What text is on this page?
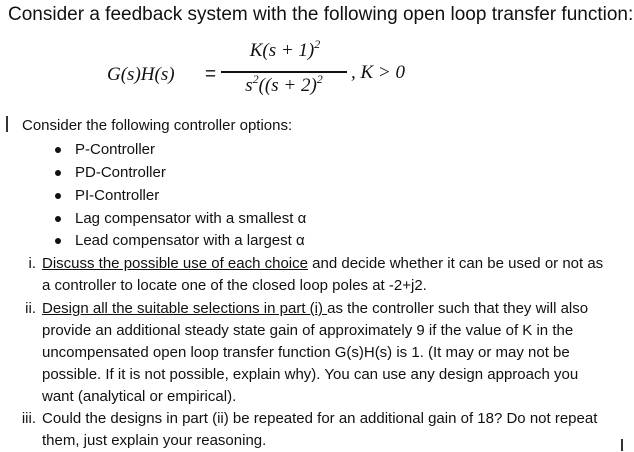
Consider a feedback system with the following open loop transfer function:
G(s)H(s) =
$K(s + 1)^2$
$s^2((s + 2)^2$	, K > 0
Consider the following controller options:
P-Controller
PD-Controller
PI-Controller
Lag compensator with a smallest α
Lead compensator with a largest α
i. Discuss the possible use of each choice and decide whether it can be used or not as a controller to locate one of the closed loop poles at -2+j2.
ii. Design all the suitable selections in part (i) as the controller such that they will also provide an additional steady state gain of approximately 9 if the value of K in the uncompensated open loop transfer function G(s)H(s) is 1. (It may or may not be possible. If it is not possible, explain why). You can use any design approach you want (analytical or empirical).
iii. Could the designs in part (ii) be repeated for an additional gain of 18? Do not repeat them, just explain your reasoning.
